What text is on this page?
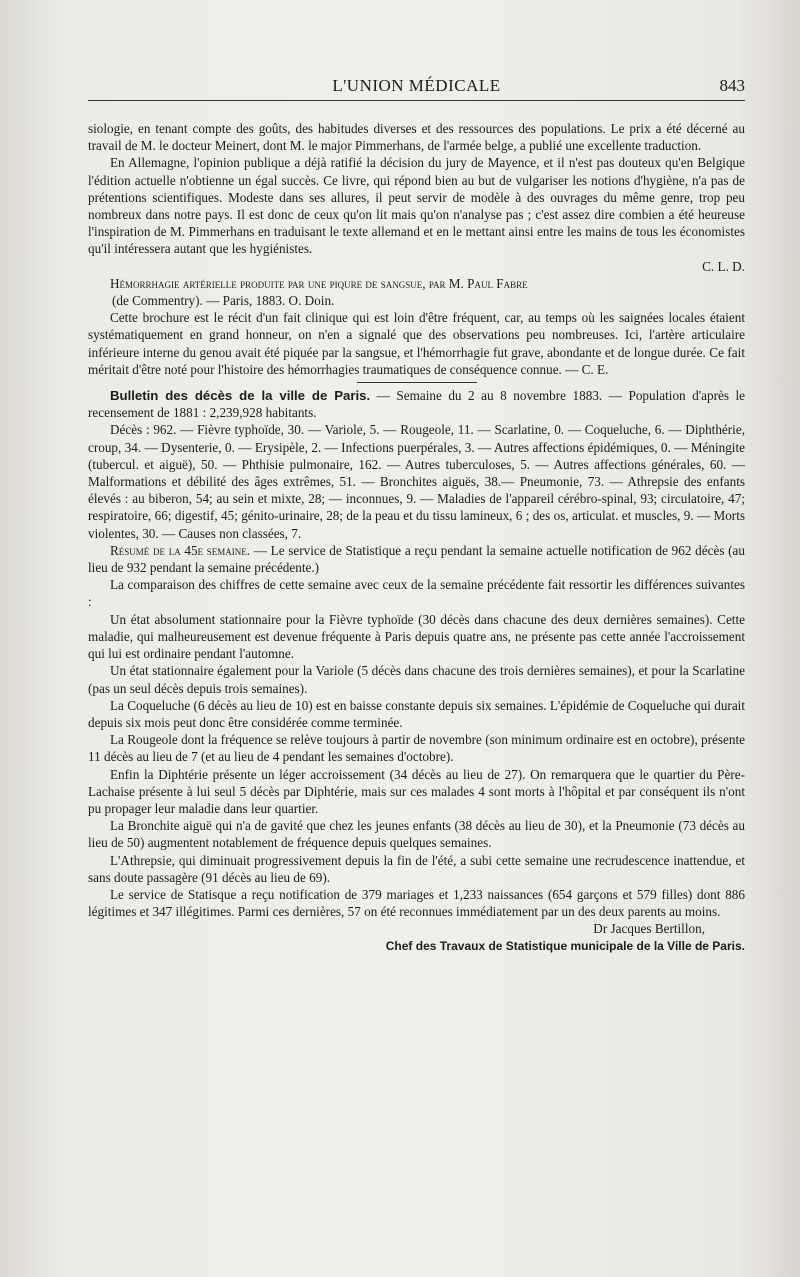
L'UNION MÉDICALE	843

siologie, en tenant compte des goûts, des habitudes diverses et des ressources des populations. Le prix a été décerné au travail de M. le docteur Meinert, dont M. le major Pimmerhans, de l'armée belge, a publié une excellente traduction.

En Allemagne, l'opinion publique a déjà ratifié la décision du jury de Mayence, et il n'est pas douteux qu'en Belgique l'édition actuelle n'obtienne un égal succès. Ce livre, qui répond bien au but de vulgariser les notions d'hygiène, n'a pas de prétentions scientifiques. Modeste dans ses allures, il peut servir de modèle à des ouvrages du même genre, trop peu nombreux dans notre pays. Il est donc de ceux qu'on lit mais qu'on n'analyse pas ; c'est assez dire combien a été heureuse l'inspiration de M. Pimmerhans en traduisant le texte allemand et en le mettant ainsi entre les mains de tous les économistes qu'il intéressera autant que les hygiénistes.

C. L. D.

Hémorrhagie artérielle produite par une piqure de sangsue, par M. Paul Fabre

(de Commentry). — Paris, 1883. O. Doin.

Cette brochure est le récit d'un fait clinique qui est loin d'être fréquent, car, au temps où les saignées locales étaient systématiquement en grand honneur, on n'en a signalé que des observations peu nombreuses. Ici, l'artère articulaire inférieure interne du genou avait été piquée par la sangsue, et l'hémorrhagie fut grave, abondante et de longue durée. Ce fait méritait d'être noté pour l'histoire des hémorrhagies traumatiques de conséquence connue. — C. E.

Bulletin des décès de la ville de Paris. — Semaine du 2 au 8 novembre 1883. — Population d'après le recensement de 1881 : 2,239,928 habitants.

Décès : 962. — Fièvre typhoïde, 30. — Variole, 5. — Rougeole, 11. — Scarlatine, 0. — Coqueluche, 6. — Diphthérie, croup, 34. — Dysenterie, 0. — Erysipèle, 2. — Infections puerpérales, 3. — Autres affections épidémiques, 0. — Méningite (tubercul. et aiguë), 50. — Phthisie pulmonaire, 162. — Autres tuberculoses, 5. — Autres affections générales, 60. — Malformations et débilité des âges extrêmes, 51. — Bronchites aiguës, 38.— Pneumonie, 73. — Athrepsie des enfants élevés : au biberon, 54; au sein et mixte, 28; — inconnues, 9. — Maladies de l'appareil cérébro-spinal, 93; circulatoire, 47; respiratoire, 66; digestif, 45; génito-urinaire, 28; de la peau et du tissu lamineux, 6 ; des os, articulat. et muscles, 9. — Morts violentes, 30. — Causes non classées, 7.

Résumé de la 45e semaine. — Le service de Statistique a reçu pendant la semaine actuelle notification de 962 décès (au lieu de 932 pendant la semaine précédente.)

La comparaison des chiffres de cette semaine avec ceux de la semaine précédente fait ressortir les différences suivantes :

Un état absolument stationnaire pour la Fièvre typhoïde (30 décès dans chacune des deux dernières semaines). Cette maladie, qui malheureusement est devenue fréquente à Paris depuis quatre ans, ne présente pas cette année l'accroissement qui lui est ordinaire pendant l'automne.

Un état stationnaire également pour la Variole (5 décès dans chacune des trois dernières semaines), et pour la Scarlatine (pas un seul décès depuis trois semaines).

La Coqueluche (6 décès au lieu de 10) est en baisse constante depuis six semaines. L'épidémie de Coqueluche qui durait depuis six mois peut donc être considérée comme terminée.

La Rougeole dont la fréquence se relève toujours à partir de novembre (son minimum ordinaire est en octobre), présente 11 décès au lieu de 7 (et au lieu de 4 pendant les semaines d'octobre).

Enfin la Diphtérie présente un léger accroissement (34 décès au lieu de 27). On remarquera que le quartier du Père-Lachaise présente à lui seul 5 décès par Diphtérie, mais sur ces malades 4 sont morts à l'hôpital et par conséquent ils n'ont pu propager leur maladie dans leur quartier.

La Bronchite aiguë qui n'a de gavité que chez les jeunes enfants (38 décès au lieu de 30), et la Pneumonie (73 décès au lieu de 50) augmentent notablement de fréquence depuis quelques semaines.

L'Athrepsie, qui diminuait progressivement depuis la fin de l'été, a subi cette semaine une recrudescence inattendue, et sans doute passagère (91 décès au lieu de 69).

Le service de Statisque a reçu notification de 379 mariages et 1,233 naissances (654 garçons et 579 filles) dont 886 légitimes et 347 illégitimes. Parmi ces dernières, 57 on été reconnues immédiatement par un des deux parents au moins.

Dr Jacques Bertillon,

Chef des Travaux de Statistique municipale de la Ville de Paris.
